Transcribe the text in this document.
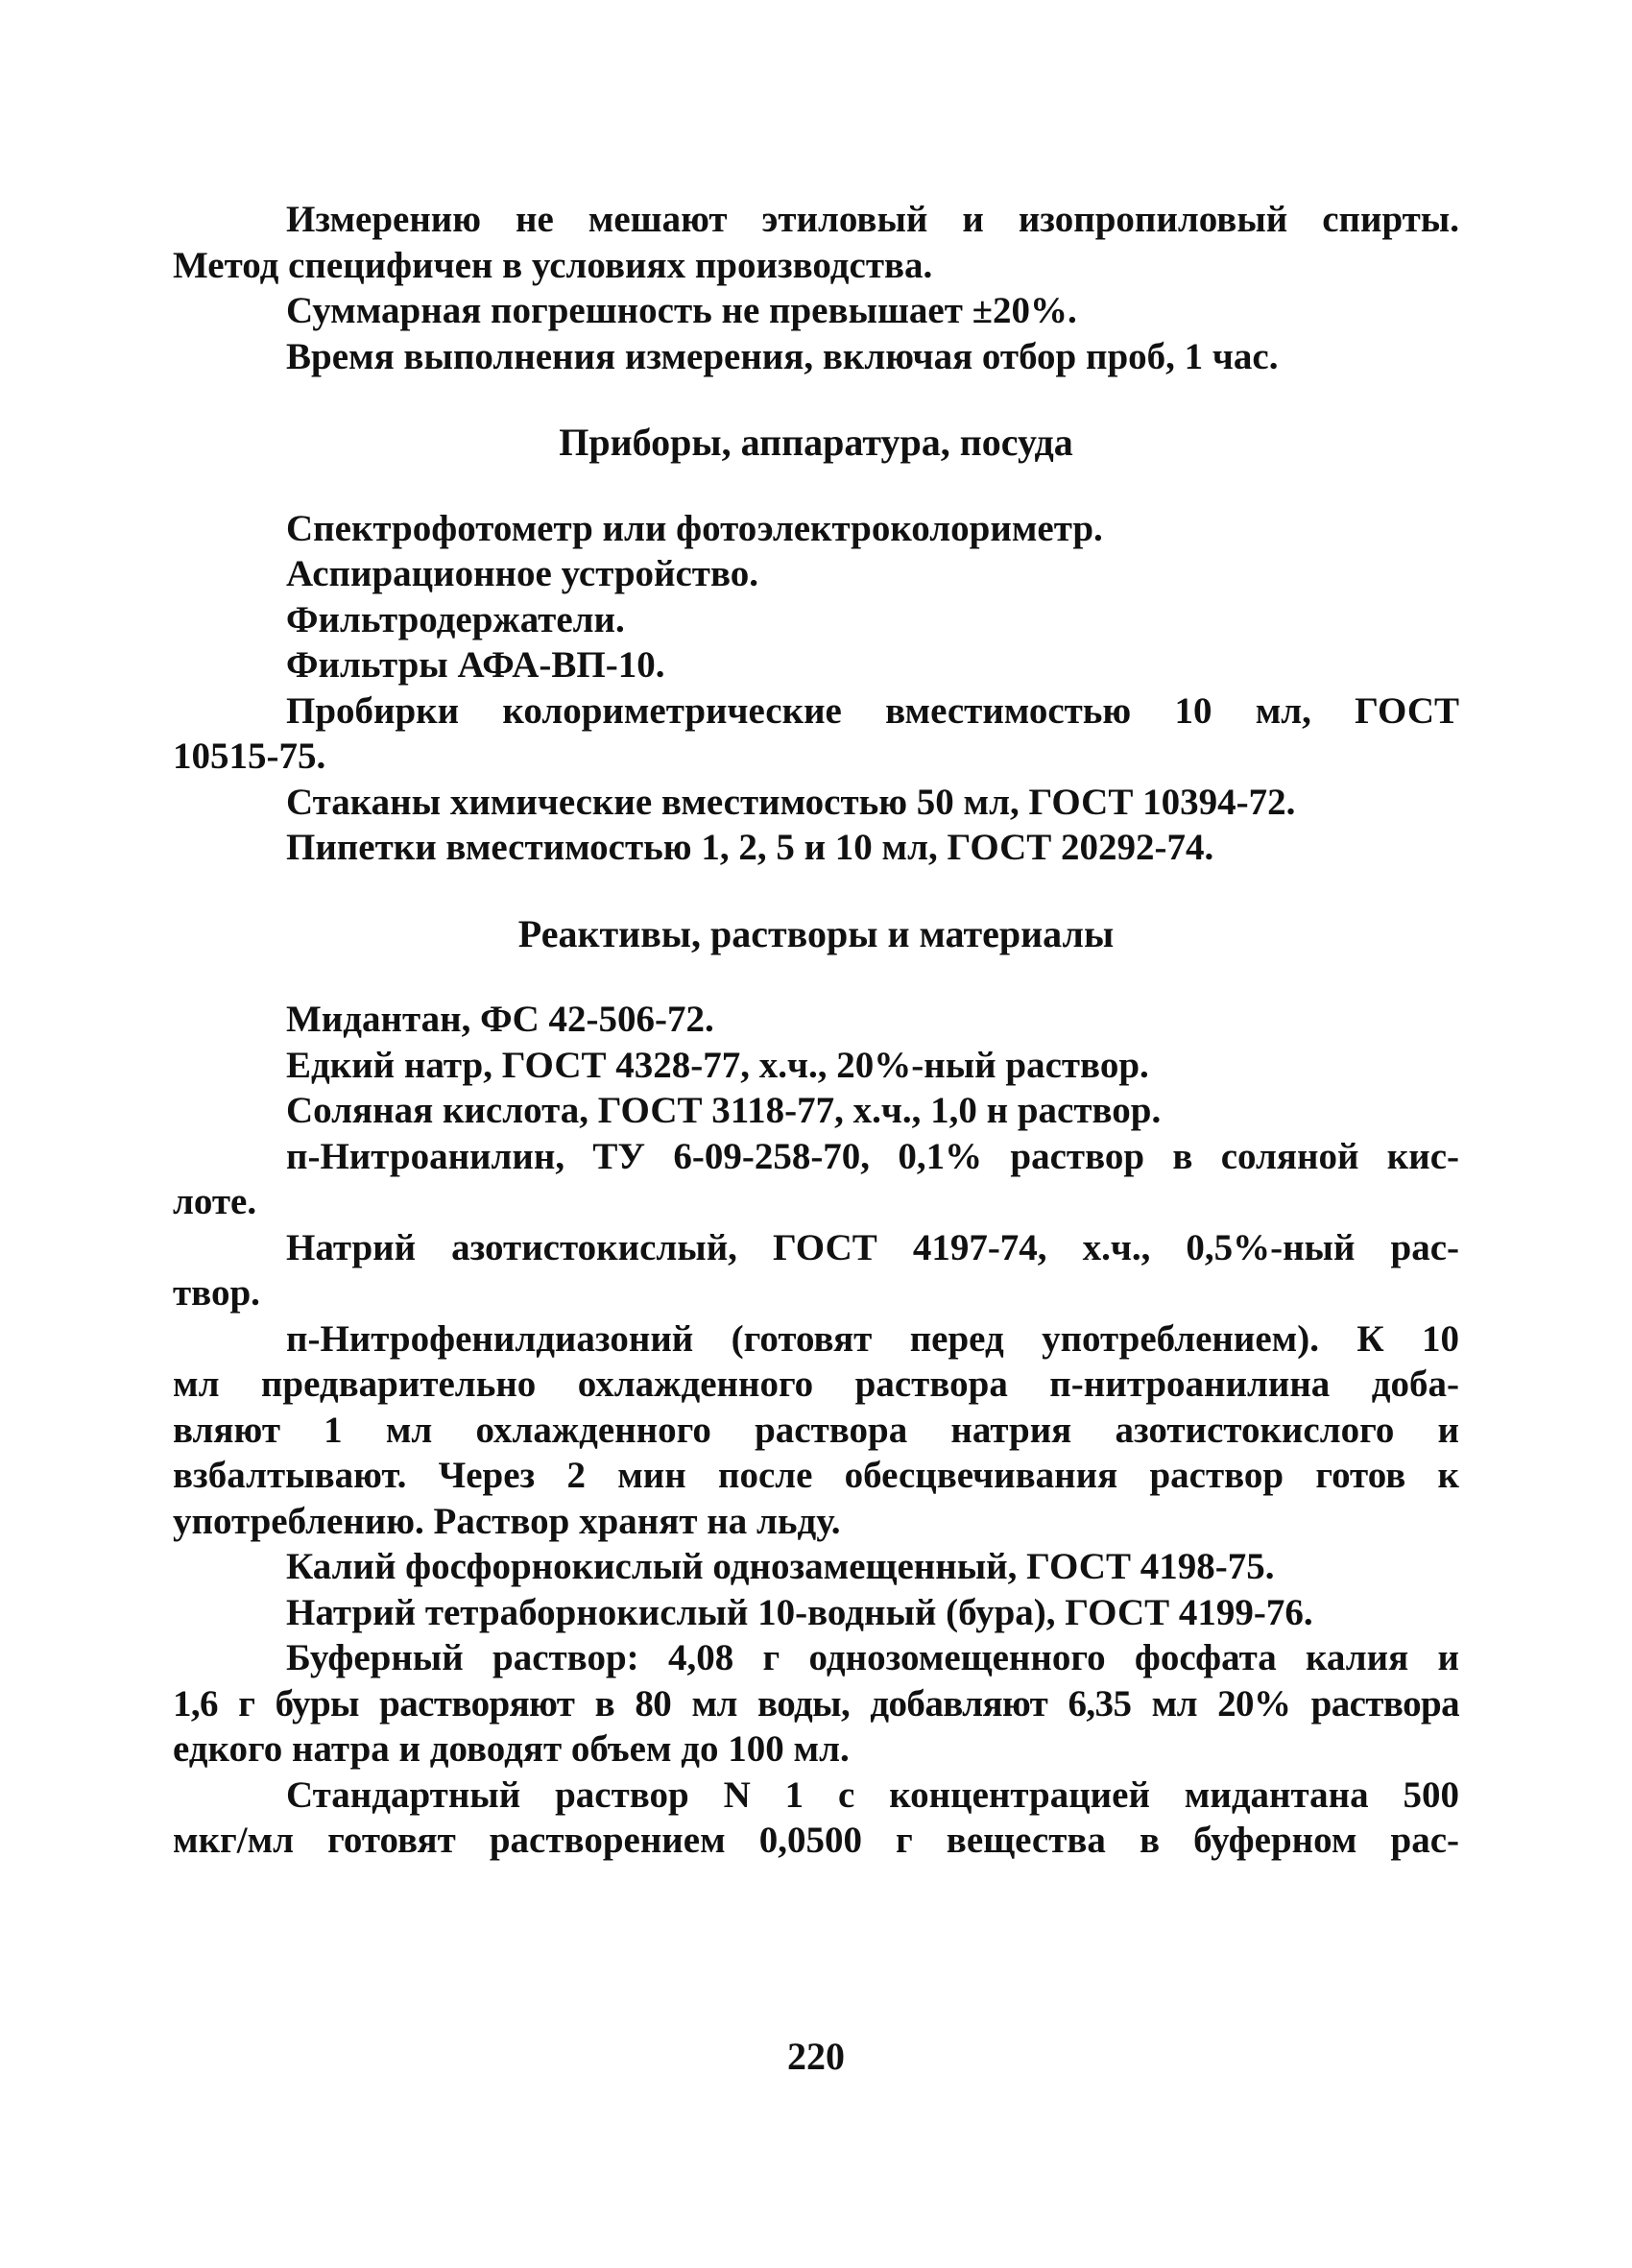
Измерению не мешают этиловый и изопропиловый спирты.
Метод специфичен в условиях производства.
Суммарная погрешность не превышает ±20%.
Время выполнения измерения, включая отбор проб, 1 час.
Приборы, аппаратура, посуда
Спектрофотометр или фотоэлектроколориметр.
Аспирационное устройство.
Фильтродержатели.
Фильтры АФА-ВП-10.
Пробирки колориметрические вместимостью 10 мл, ГОСТ
10515-75.
Стаканы химические вместимостью 50 мл, ГОСТ 10394-72.
Пипетки вместимостью 1, 2, 5 и 10 мл, ГОСТ 20292-74.
Реактивы, растворы и материалы
Мидантан, ФС 42-506-72.
Едкий натр, ГОСТ 4328-77, х.ч., 20%-ный раствор.
Соляная кислота, ГОСТ 3118-77, х.ч., 1,0 н раствор.
п-Нитроанилин, ТУ 6-09-258-70, 0,1% раствор в соляной кис-
лоте.
Натрий азотистокислый, ГОСТ 4197-74, х.ч., 0,5%-ный рас-
твор.
п-Нитрофенилдиазоний (готовят перед употреблением). К 10
мл предварительно охлажденного раствора п-нитроанилина доба-
вляют 1 мл охлажденного раствора натрия азотистокислого и
взбалтывают. Через 2 мин после обесцвечивания раствор готов к
употреблению. Раствор хранят на льду.
Калий фосфорнокислый однозамещенный, ГОСТ 4198-75.
Натрий тетраборнокислый 10-водный (бура), ГОСТ 4199-76.
Буферный раствор: 4,08 г однозомещенного фосфата калия и
1,6 г буры растворяют в 80 мл воды, добавляют 6,35 мл 20% раствора
едкого натра и доводят объем до 100 мл.
Стандартный раствор N 1 с концентрацией мидантана 500
мкг/мл готовят растворением 0,0500 г вещества в буферном рас-
220
